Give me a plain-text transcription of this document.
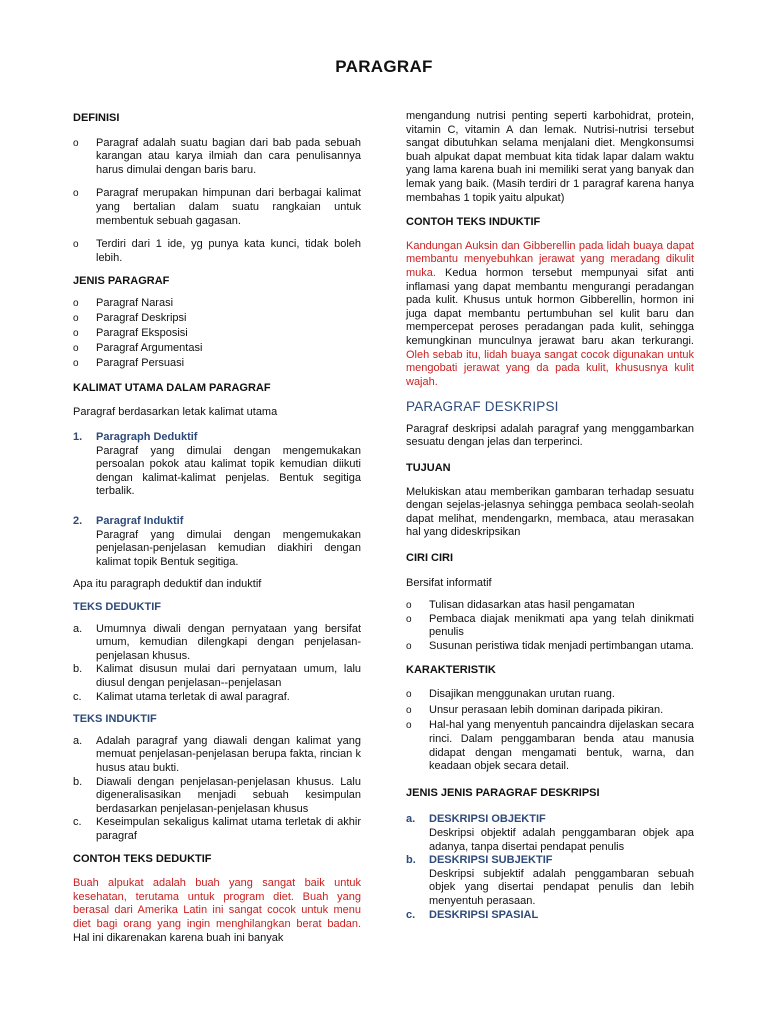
PARAGRAF
DEFINISI
o Paragraf adalah suatu bagian dari bab pada sebuah karangan atau karya ilmiah dan cara penulisannya harus dimulai dengan baris baru.
o Paragraf merupakan himpunan dari berbagai kalimat yang bertalian dalam suatu rangkaian untuk membentuk sebuah gagasan.
o Terdiri dari 1 ide, yg punya kata kunci, tidak boleh lebih.
JENIS PARAGRAF
o Paragraf Narasi
o Paragraf Deskripsi
o Paragraf Eksposisi
o Paragraf Argumentasi
o Paragraf Persuasi
KALIMAT UTAMA DALAM PARAGRAF

Paragraf berdasarkan letak kalimat utama

1. Paragraph Deduktif

Paragraf yang dimulai dengan mengemukakan persoalan pokok atau kalimat topik kemudian diikuti dengan kalimat-kalimat penjelas. Bentuk segitiga terbalik.

2. Paragraf Induktif

Paragraf yang dimulai dengan mengemukakan penjelasan-penjelasan kemudian diakhiri dengan kalimat topik Bentuk segitiga.

Apa itu paragraph deduktif dan induktif

TEKS DEDUKTIF
a. Umumnya diwali dengan pernyataan yang bersifat umum, kemudian dilengkapi dengan penjelasan-penjelasan khusus.
b. Kalimat disusun mulai dari pernyataan umum, lalu diusul dengan penjelasan--penjelasan
c. Kalimat utama terletak di awal paragraf.
TEKS INDUKTIF
a. Adalah paragraf yang diawali dengan kalimat yang memuat penjelasan-penjelasan berupa fakta, rincian k husus atau bukti.
b. Diawali dengan penjelasan-penjelasan khusus. Lalu digeneralisasikan menjadi sebuah kesimpulan berdasarkan penjelasan-penjelasan khusus
c. Keseimpulan sekaligus kalimat utama terletak di akhir paragraf
CONTOH TEKS DEDUKTIF

Buah alpukat adalah buah yang sangat baik untuk kesehatan, terutama untuk program diet. Buah yang berasal dari Amerika Latin ini sangat cocok untuk menu diet bagi orang yang ingin menghilangkan berat badan. Hal ini dikarenakan karena buah ini banyak

mengandung nutrisi penting seperti karbohidrat, protein, vitamin C, vitamin A dan lemak. Nutrisi-nutrisi tersebut sangat dibutuhkan selama menjalani diet. Mengkonsumsi buah alpukat dapat membuat kita tidak lapar dalam waktu yang lama karena buah ini memiliki serat yang banyak dan lemak yang baik. (Masih terdiri dr 1 paragraf karena hanya membahas 1 topik yaitu alpukat)

CONTOH TEKS INDUKTIF

Kandungan Auksin dan Gibberellin pada lidah buaya dapat membantu menyebuhkan jerawat yang meradang dikulit muka. Kedua hormon tersebut mempunyai sifat anti inflamasi yang dapat membantu mengurangi peradangan pada kulit. Khusus untuk hormon Gibberellin, hormon ini juga dapat membantu pertumbuhan sel kulit baru dan mempercepat peroses peradangan pada kulit, sehingga kemungkinan munculnya jerawat baru akan terkurangi. Oleh sebab itu, lidah buaya sangat cocok digunakan untuk mengobati jerawat yang da pada kulit, khususnya kulit wajah.

PARAGRAF DESKRIPSI

Paragraf deskripsi adalah paragraf yang menggambarkan sesuatu dengan jelas dan terperinci.

TUJUAN

Melukiskan atau memberikan gambaran terhadap sesuatu dengan sejelas-jelasnya sehingga pembaca seolah-seolah dapat melihat, mendengarkn, membaca, atau merasakan hal yang dideskripsikan

CIRI CIRI

Bersifat informatif

o Tulisan didasarkan atas hasil pengamatan
o Pembaca diajak menikmati apa yang telah dinikmati penulis
o Susunan peristiwa tidak menjadi pertimbangan utama.
KARAKTERISTIK
o Disajikan menggunakan urutan ruang.
o Unsur perasaan lebih dominan daripada pikiran.
o Hal-hal yang menyentuh pancaindra dijelaskan secara rinci. Dalam penggambaran benda atau manusia didapat dengan mengamati bentuk, warna, dan keadaan objek secara detail.
JENIS JENIS PARAGRAF DESKRIPSI
a. DESKRIPSI OBJEKTIF

Deskripsi objektif adalah penggambaran objek apa adanya, tanpa disertai pendapat penulis

b. DESKRIPSI SUBJEKTIF

Deskripsi subjektif adalah penggambaran sebuah objek yang disertai pendapat penulis dan lebih menyentuh perasaan.

c. DESKRIPSI SPASIAL
